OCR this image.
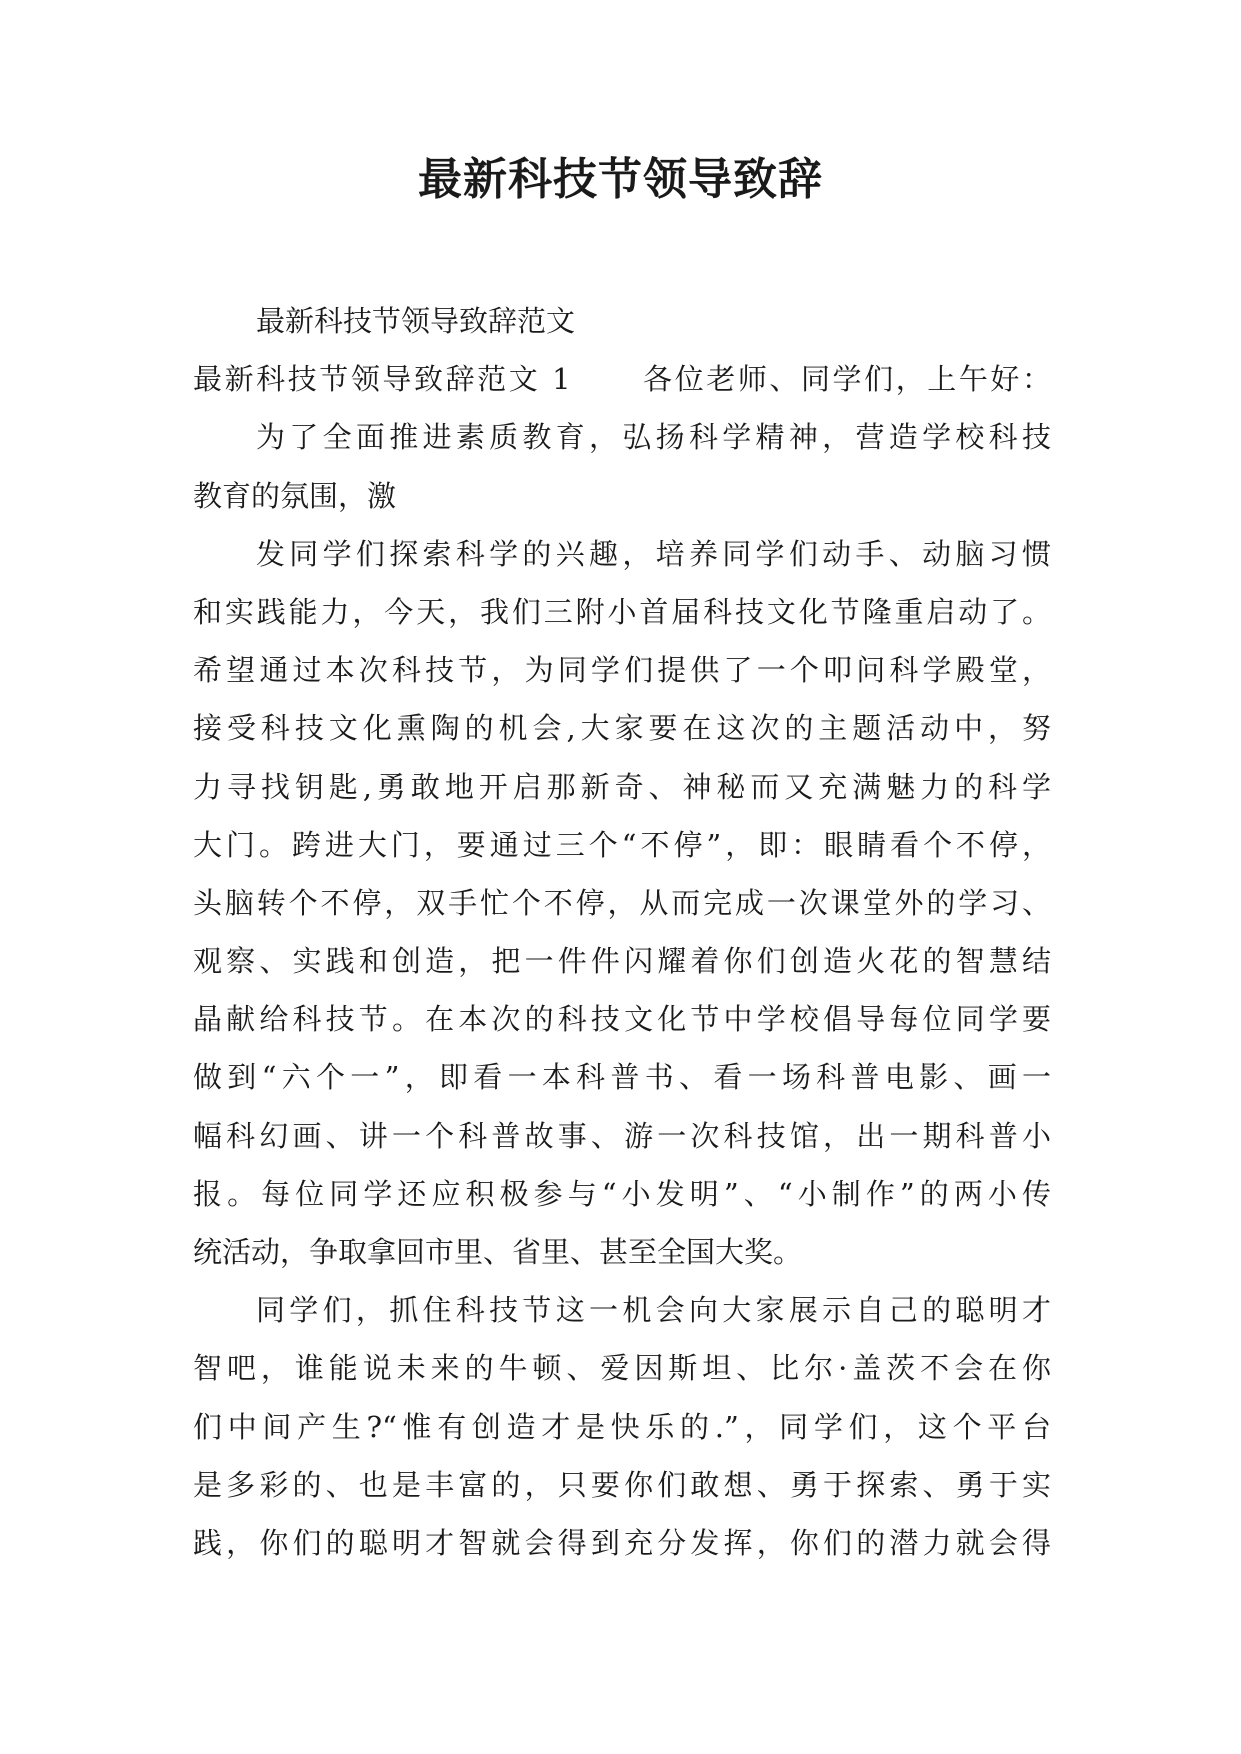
最新科技节领导致辞
最新科技节领导致辞范文
最新科技节领导致辞范文 1 各位老师、同学们，上午好：
为了全面推进素质教育，弘扬科学精神，营造学校科技
教育的氛围，激
发同学们探索科学的兴趣，培养同学们动手、动脑习惯
和实践能力，今天，我们三附小首届科技文化节隆重启动了。
希望通过本次科技节，为同学们提供了一个叩问科学殿堂，
接受科技文化熏陶的机会,大家要在这次的主题活动中，努
力寻找钥匙,勇敢地开启那新奇、神秘而又充满魅力的科学
大门。跨进大门，要通过三个“不停”，即：眼睛看个不停，
头脑转个不停，双手忙个不停，从而完成一次课堂外的学习、
观察、实践和创造，把一件件闪耀着你们创造火花的智慧结
晶献给科技节。在本次的科技文化节中学校倡导每位同学要
做到“六个一”，即看一本科普书、看一场科普电影、画一
幅科幻画、讲一个科普故事、游一次科技馆，出一期科普小
报。每位同学还应积极参与“小发明”、“小制作”的两小传
统活动，争取拿回市里、省里、甚至全国大奖。
同学们，抓住科技节这一机会向大家展示自己的聪明才
智吧，谁能说未来的牛顿、爱因斯坦、比尔·盖茨不会在你
们中间产生?“惟有创造才是快乐的.”，同学们，这个平台
是多彩的、也是丰富的，只要你们敢想、勇于探索、勇于实
践，你们的聪明才智就会得到充分发挥，你们的潜力就会得
